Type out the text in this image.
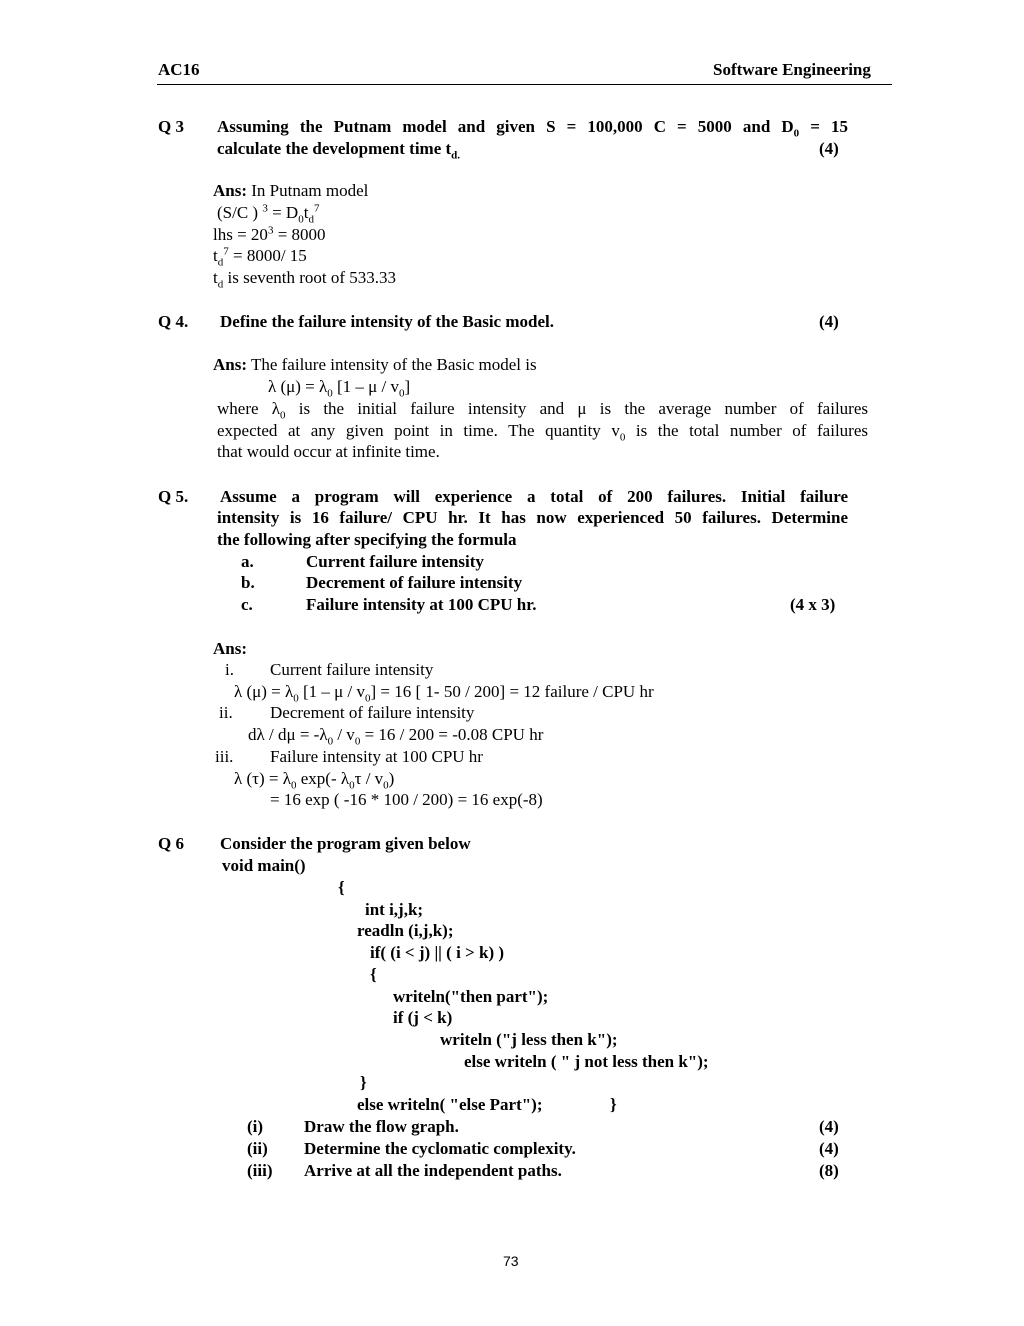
AC16	Software Engineering
Q 3 Assuming the Putnam model and given S = 100,000 C = 5000 and $D_0 = 15$
calculate the development time $t_{d.}$	(4)
Ans: In Putnam model
(S/C ) $^3 = D_0t_d^7$
lhs = $20^3 = 8000$
$t_d^7 = 8000/$ 15
$t_d$ is seventh root of 533.33
Q 4. Define the failure intensity of the Basic model.	(4)
Ans: The failure intensity of the Basic model is
λ $(\mu) = \lambda_0$ [1 – μ / $v_0$]
where $\lambda_0$ is the initial failure intensity and μ is the average number of failures
expected at any given point in time. The quantity $v_0$ is the total number of failures
that would occur at infinite time.
Q 5. Assume a program will experience a total of 200 failures. Initial failure
intensity is 16 failure/ CPU hr. It has now experienced 50 failures. Determine
the following after specifying the formula
a.	Current failure intensity
b.	Decrement of failure intensity
c.	Failure intensity at 100 CPU hr.	(4 x 3)
Ans:
i. Current failure intensity
λ $(\mu) = \lambda_0$ $[1 - \mu / v_0] = 16$ [ 1- 50 / 200] = 12 failure / CPU hr
ii. Decrement of failure intensity
$d\lambda / d\mu = -\lambda_0 / v_0 = 16 / 200 = -0.08$ CPU hr
iii. Failure intensity at 100 CPU hr
λ $(\tau) = \lambda_0$ exp(- $\lambda_0\tau / v_0$)
= 16 exp ( -16 * 100 / 200) = 16 exp(-8)
Q 6 Consider the program given below
void main()
{
int i,j,k;
readln (i,j,k);
if( (i < j) || ( i > k) )
{
writeln("then part");
if (j < k)
writeln ("j less then k");
else writeln ( " j not less then k");
}
else writeln( "else Part");	}
(i) Draw the flow graph.	(4)
(ii) Determine the cyclomatic complexity.	(4)
(iii) Arrive at all the independent paths.	(8)
73
